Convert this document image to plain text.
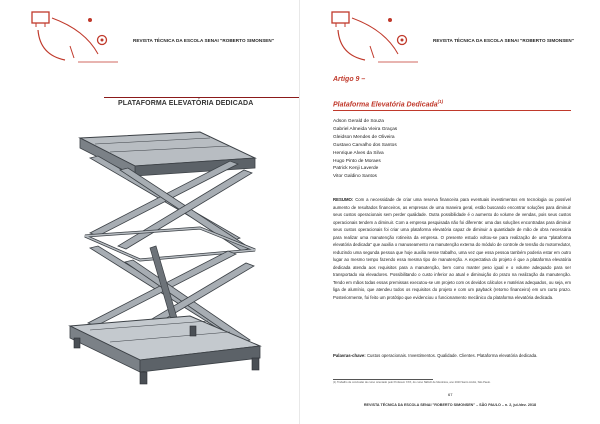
REVISTA TÉCNICA DA ESCOLA SENAI "ROBERTO SIMONSEN"
PLATAFORMA ELEVATÓRIA DEDICADA
REVISTA TÉCNICA DA ESCOLA SENAI "ROBERTO SIMONSEN"
Artigo 9 –
Plataforma Elevatória Dedicada$^{(1)}$
Adson Gerald de Souza
Gabriel Almeida Vieira Graças
Gleidson Mendes de Oliveira
Gustavo Carvalho dos Santos
Henrique Alves da Silva
Hugo Pinto de Moraes
Patrick Kenji Laverde
Vitor Galdino Santos
RESUMO: Com a necessidade de criar uma reserva financeira para eventuais investimentos em tecnologia ou possível aumento de resultados financeiros, as empresas de uma maneira geral, estão buscando encontrar soluções para diminuir seus custos operacionais sem perder qualidade. Outra possibilidade é o aumento do volume de vendas, pois seus custos operacionais tendem a diminuir. Com a empresa pesquisada não foi diferente: uma das soluções encontradas para diminuir seus custos operacionais foi criar uma plataforma elevatória capaz de diminuir a quantidade de mão de obra necessária para realizar uma manutenção rotineira da empresa. O presente estudo voltou-se para realização de uma "plataforma elevatória dedicada" que auxilia o manuseamento na manutenção externa do módulo de controle de tensão do motorredutor, reduzindo uma segunda pessoa que hoje auxilia nesse trabalho, uma vez que essa pessoa também poderia estar em outro lugar ao mesmo tempo fazendo essa mesma tipo de manutenção. A expectativa do projeto é que a plataforma elevatória dedicada atenda aos requisitos para a manutenção, bem como manter peso igual e o volume adequado para ser transportado via elevadores. Possibilitando o custo inferior ao atual e diminuição do prazo na realização da manutenção. Tendo em mãos todas essas premissas executou-se um projeto com os devidos cálculos e matérias adequados, ou seja, em liga de alumínio, que atendeu todos os requisitos do projeto e com um payback (retorno financeiro) em um curto prazo. Posteriormente, foi feito um protótipo que evidenciou o funcionamento mecânico da plataforma elevatória dedicada.
Palavras-chave: Custos operacionais. Investimentos. Qualidade. Clientes. Plataforma elevatória dedicada.
(1) Trabalho de conclusão de curso orientado pelo Professor XXX, do curso SENAI de Mecânica, ano 2020 Santo André, São Paulo.
67
REVISTA TÉCNICA DA ESCOLA SENAI "ROBERTO SIMONSEN" – SÃO PAULO – n. 2, jul./dez. 2018
